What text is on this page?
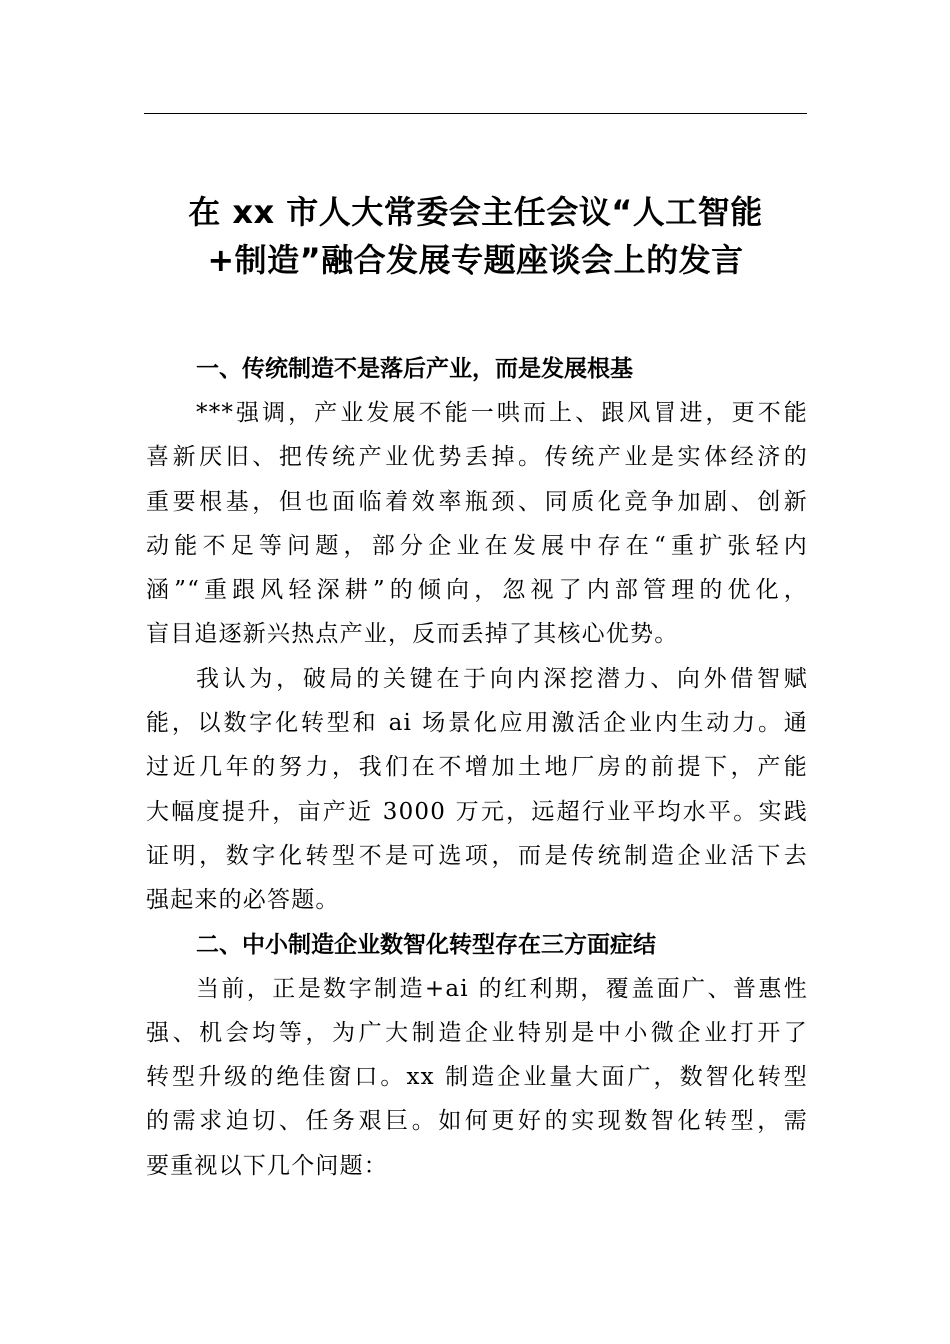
在 xx 市人大常委会主任会议“人工智能
+制造”融合发展专题座谈会上的发言
一、传统制造不是落后产业，而是发展根基

***强调，产业发展不能一哄而上、跟风冒进，更不能
喜新厌旧、把传统产业优势丢掉。传统产业是实体经济的
重要根基，但也面临着效率瓶颈、同质化竞争加剧、创新
动能不足等问题，部分企业在发展中存在“重扩张轻内
涵”“重跟风轻深耕”的倾向，忽视了内部管理的优化，
盲目追逐新兴热点产业，反而丢掉了其核心优势。

我认为，破局的关键在于向内深挖潜力、向外借智赋
能，以数字化转型和 ai 场景化应用激活企业内生动力。通
过近几年的努力，我们在不增加土地厂房的前提下，产能
大幅度提升，亩产近 3000 万元，远超行业平均水平。实践
证明，数字化转型不是可选项，而是传统制造企业活下去
强起来的必答题。

二、中小制造企业数智化转型存在三方面症结

当前，正是数字制造+ai 的红利期，覆盖面广、普惠性
强、机会均等，为广大制造企业特别是中小微企业打开了
转型升级的绝佳窗口。xx 制造企业量大面广，数智化转型
的需求迫切、任务艰巨。如何更好的实现数智化转型，需
要重视以下几个问题：
